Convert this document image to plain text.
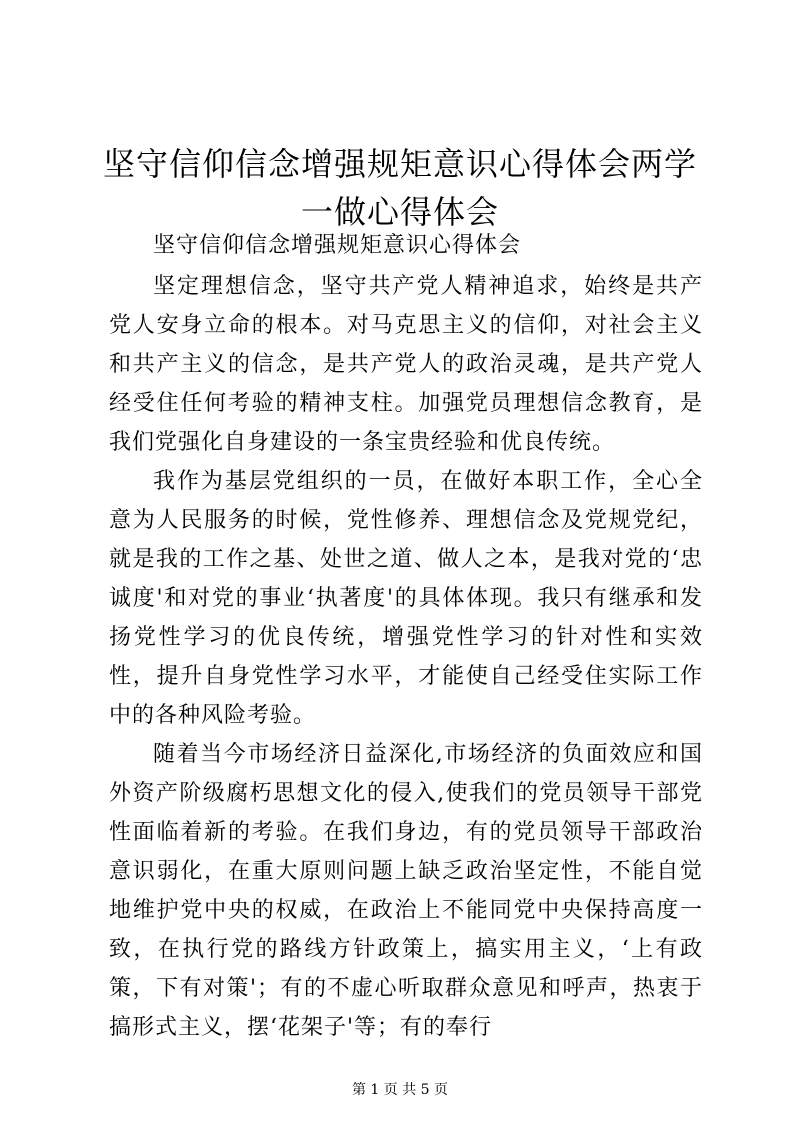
坚守信仰信念增强规矩意识心得体会两学一做心得体会

坚守信仰信念增强规矩意识心得体会

坚定理想信念，坚守共产党人精神追求，始终是共产党人安身立命的根本。对马克思主义的信仰，对社会主义和共产主义的信念，是共产党人的政治灵魂，是共产党人经受住任何考验的精神支柱。加强党员理想信念教育，是我们党强化自身建设的一条宝贵经验和优良传统。

我作为基层党组织的一员，在做好本职工作，全心全意为人民服务的时候，党性修养、理想信念及党规党纪，就是我的工作之基、处世之道、做人之本，是我对党的‘忠诚度'和对党的事业‘执著度'的具体体现。我只有继承和发扬党性学习的优良传统，增强党性学习的针对性和实效性，提升自身党性学习水平，才能使自己经受住实际工作中的各种风险考验。

随着当今市场经济日益深化,市场经济的负面效应和国外资产阶级腐朽思想文化的侵入,使我们的党员领导干部党性面临着新的考验。在我们身边，有的党员领导干部政治意识弱化，在重大原则问题上缺乏政治坚定性，不能自觉地维护党中央的权威，在政治上不能同党中央保持高度一致，在执行党的路线方针政策上，搞实用主义，‘上有政策，下有对策'；有的不虚心听取群众意见和呼声，热衷于搞形式主义，摆‘花架子'等；有的奉行

第 1 页 共 5 页
